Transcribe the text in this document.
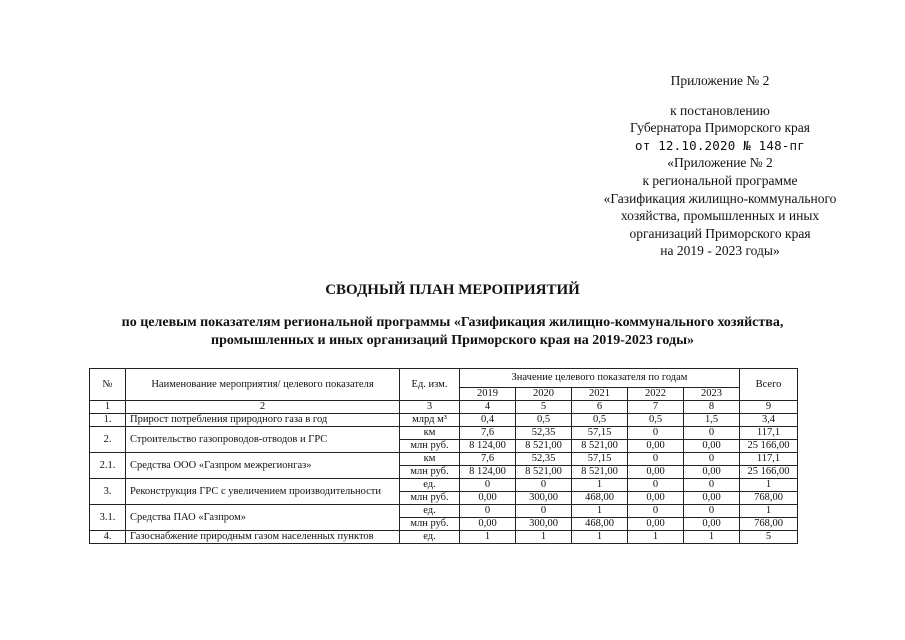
Приложение № 2
к постановлению
Губернатора Приморского края
от 12.10.2020 № 148-пг
«Приложение № 2
к региональной программе
«Газификация жилищно-коммунального
хозяйства, промышленных и иных
организаций Приморского края
на 2019 - 2023 годы»
СВОДНЫЙ ПЛАН МЕРОПРИЯТИЙ
по целевым показателям региональной программы «Газификация жилищно-коммунального хозяйства,
промышленных и иных организаций Приморского края на 2019-2023 годы»
№	Наименование мероприятия/ целевого показателя	Ед. изм.	Значение целевого показателя по годам					Всего
			2019	2020	2021	2022	2023	
1	2	3	4	5	6	7	8	9
1.	Прирост потребления природного газа в год	млрд м³	0,4	0,5	0,5	0,5	1,5	3,4
2.	Строительство газопроводов-отводов и ГРС	км	7,6	52,35	57,15	0	0	117,1
		млн руб.	8 124,00	8 521,00	8 521,00	0,00	0,00	25 166,00
2.1.	Средства ООО «Газпром межрегионгаз»	км	7,6	52,35	57,15	0	0	117,1
		млн руб.	8 124,00	8 521,00	8 521,00	0,00	0,00	25 166,00
3.	Реконструкция ГРС с увеличением производительности	ед.	0	0	1	0	0	1
		млн руб.	0,00	300,00	468,00	0,00	0,00	768,00
3.1.	Средства ПАО «Газпром»	ед.	0	0	1	0	0	1
		млн руб.	0,00	300,00	468,00	0,00	0,00	768,00
4.	Газоснабжение природным газом населенных пунктов	ед.	1	1	1	1	1	5
